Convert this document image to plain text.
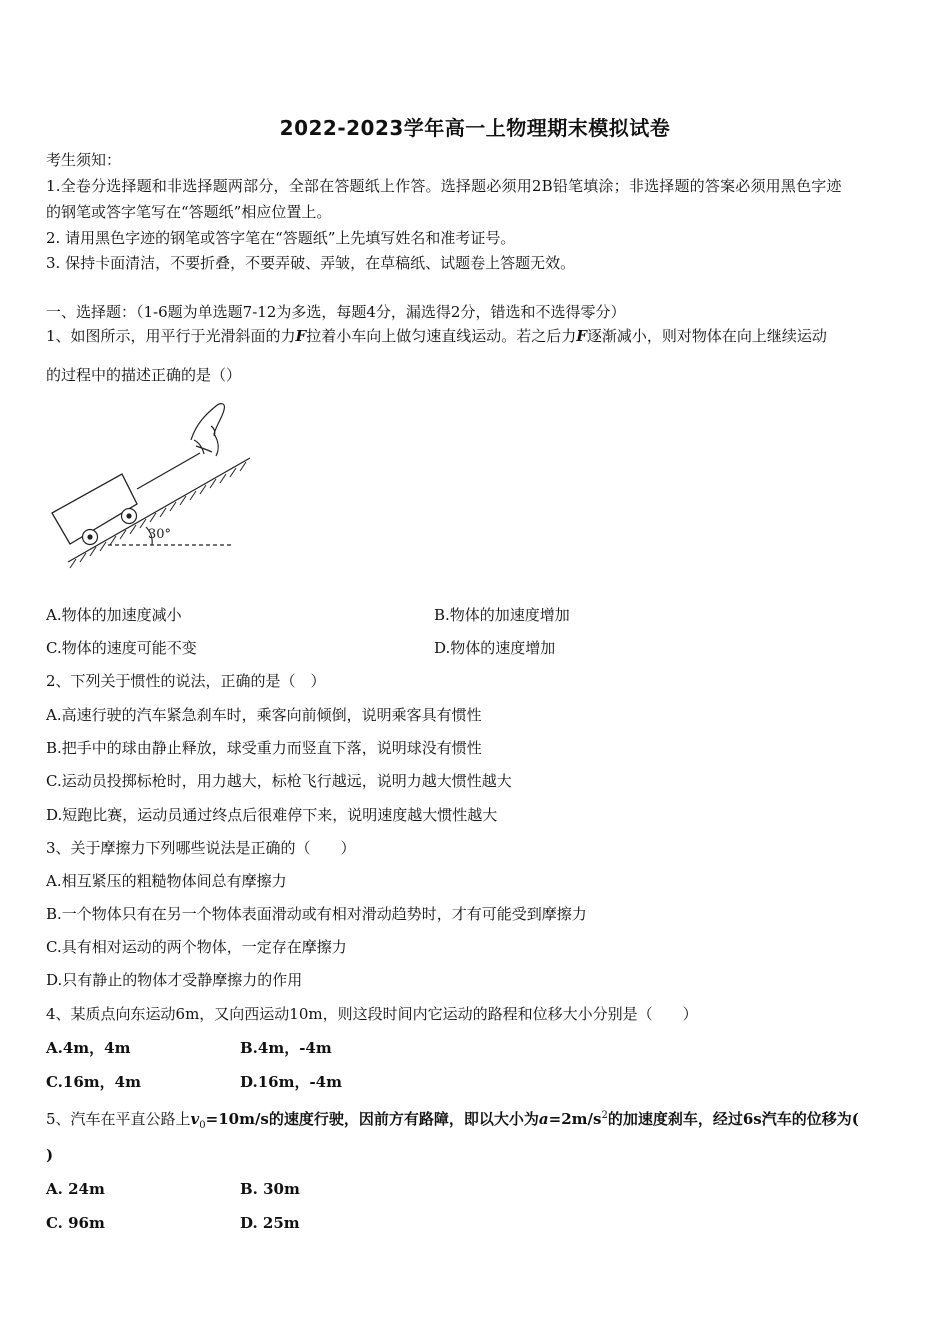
2022-2023学年高一上物理期末模拟试卷
考生须知：
1.全卷分选择题和非选择题两部分，全部在答题纸上作答。选择题必须用2B铅笔填涂；非选择题的答案必须用黑色字迹
的钢笔或答字笔写在“答题纸”相应位置上。
2. 请用黑色字迹的钢笔或答字笔在“答题纸”上先填写姓名和准考证号。
3. 保持卡面清洁，不要折叠，不要弄破、弄皱，在草稿纸、试题卷上答题无效。
一、选择题：（1-6题为单选题7-12为多选，每题4分，漏选得2分，错选和不选得零分）
1、如图所示，用平行于光滑斜面的力F拉着小车向上做匀速直线运动。若之后力F逐渐减小，则对物体在向上继续运动
的过程中的描述正确的是（）
30°
A.物体的加速度减小	B.物体的加速度增加
C.物体的速度可能不变	D.物体的速度增加
2、下列关于惯性的说法，正确的是（　）
A.高速行驶的汽车紧急刹车时，乘客向前倾倒，说明乘客具有惯性
B.把手中的球由静止释放，球受重力而竖直下落，说明球没有惯性
C.运动员投掷标枪时，用力越大，标枪飞行越远，说明力越大惯性越大
D.短跑比赛，运动员通过终点后很难停下来，说明速度越大惯性越大
3、关于摩擦力下列哪些说法是正确的（　　）
A.相互紧压的粗糙物体间总有摩擦力
B.一个物体只有在另一个物体表面滑动或有相对滑动趋势时，才有可能受到摩擦力
C.具有相对运动的两个物体，一定存在摩擦力
D.只有静止的物体才受静摩擦力的作用
4、某质点向东运动6m，又向西运动10m，则这段时间内它运动的路程和位移大小分别是（　　）
A.4m，4m	B.4m，-4m
C.16m，4m	D.16m，-4m
5、汽车在平直公路上$v_0=10m/s$的速度行驶，因前方有路障，即以大小为$a=2m/s^2$的加速度刹车，经过6s汽车的位移为(
)
A. 24m	B. 30m
C. 96m	D. 25m
